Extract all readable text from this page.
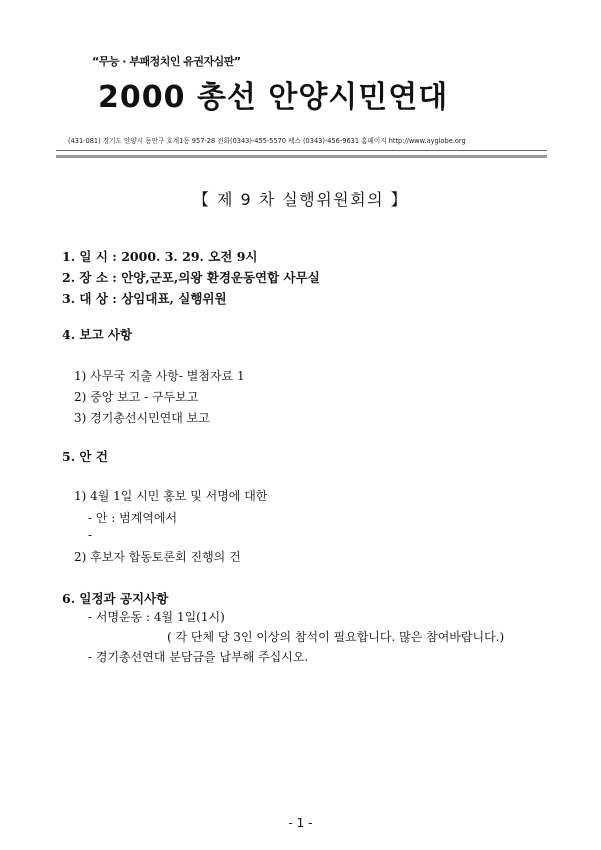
“무능 · 부패정치인 유권자심판”
2000 총선 안양시민연대
(431-081) 경기도 안양시 동안구 호계1동 957-28 전화(0343)-455-5570 팩스 (0343)-456-9631 홈페이지 http://www.ayglobe.org
【 제 9 차 실행위원회의 】
1. 일 시 : 2000. 3. 29. 오전 9시
2. 장 소 : 안양,군포,의왕 환경운동연합 사무실
3. 대 상 : 상임대표, 실행위원
4. 보고 사항
1) 사무국 지출 사항- 별첨자료 1
2) 중앙 보고 - 구두보고
3) 경기총선시민연대 보고
5. 안 건
1) 4월 1일 시민 홍보 및 서명에 대한
- 안 : 범계역에서
-
2) 후보자 합동토론회 진행의 건
6. 일정과 공지사항
- 서명운동 : 4월 1일(1시)
( 각 단체 당 3인 이상의 참석이 필요합니다. 많은 참여바랍니다.)
- 경기총선연대 분담금을 납부해 주십시오.
- 1 -
